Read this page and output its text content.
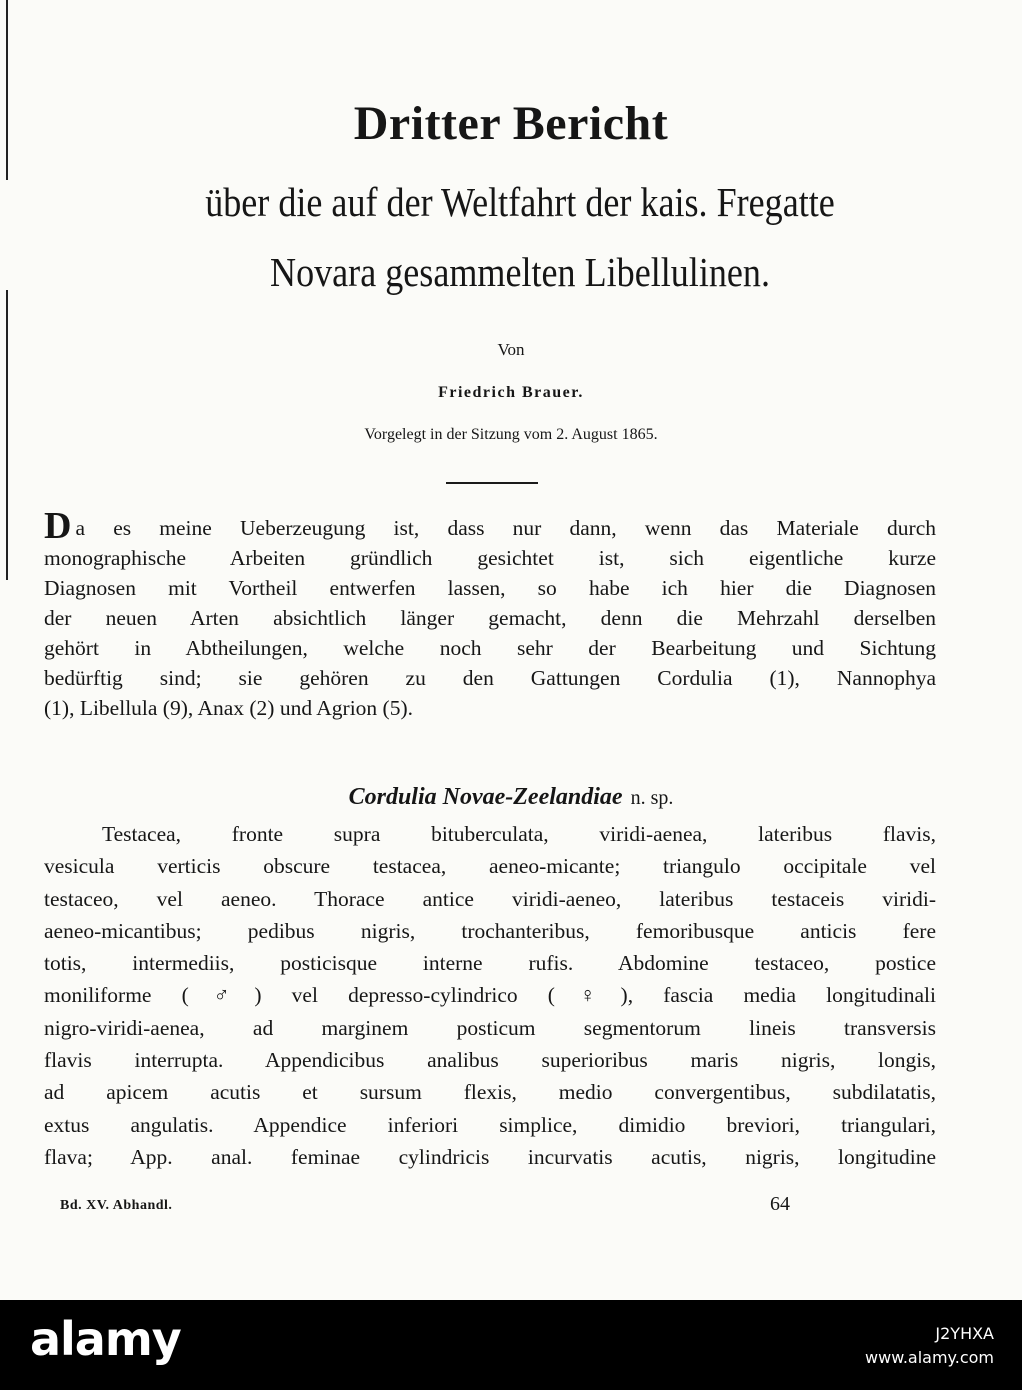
Dritter Bericht
über die auf der Weltfahrt der kais. Fregatte
Novara gesammelten Libellulinen.
Von
Friedrich Brauer.
Vorgelegt in der Sitzung vom 2. August 1865.
Da es meine Ueberzeugung ist, dass nur dann, wenn das Materiale durch
monographische Arbeiten gründlich gesichtet ist, sich eigentliche kurze
Diagnosen mit Vortheil entwerfen lassen, so habe ich hier die Diagnosen
der neuen Arten absichtlich länger gemacht, denn die Mehrzahl derselben
gehört in Abtheilungen, welche noch sehr der Bearbeitung und Sichtung
bedürftig sind; sie gehören zu den Gattungen Cordulia (1), Nannophya
(1), Libellula (9), Anax (2) und Agrion (5).
Cordulia Novae-Zeelandiae n. sp.
Testacea, fronte supra bituberculata, viridi-aenea, lateribus flavis,
vesicula verticis obscure testacea, aeneo-micante; triangulo occipitale vel
testaceo, vel aeneo. Thorace antice viridi-aeneo, lateribus testaceis viridi-
aeneo-micantibus; pedibus nigris, trochanteribus, femoribusque anticis fere
totis, intermediis, posticisque interne rufis. Abdomine testaceo, postice
moniliforme (♂) vel depresso-cylindrico (♀), fascia media longitudinali
nigro-viridi-aenea, ad marginem posticum segmentorum lineis transversis
flavis interrupta. Appendicibus analibus superioribus maris nigris, longis,
ad apicem acutis et sursum flexis, medio convergentibus, subdilatatis,
extus angulatis. Appendice inferiori simplice, dimidio breviori, triangulari,
flava; App. anal. feminae cylindricis incurvatis acutis, nigris, longitudine
Bd. XV. Abhandl.	64
alamy	J2YHXA
www.alamy.com
